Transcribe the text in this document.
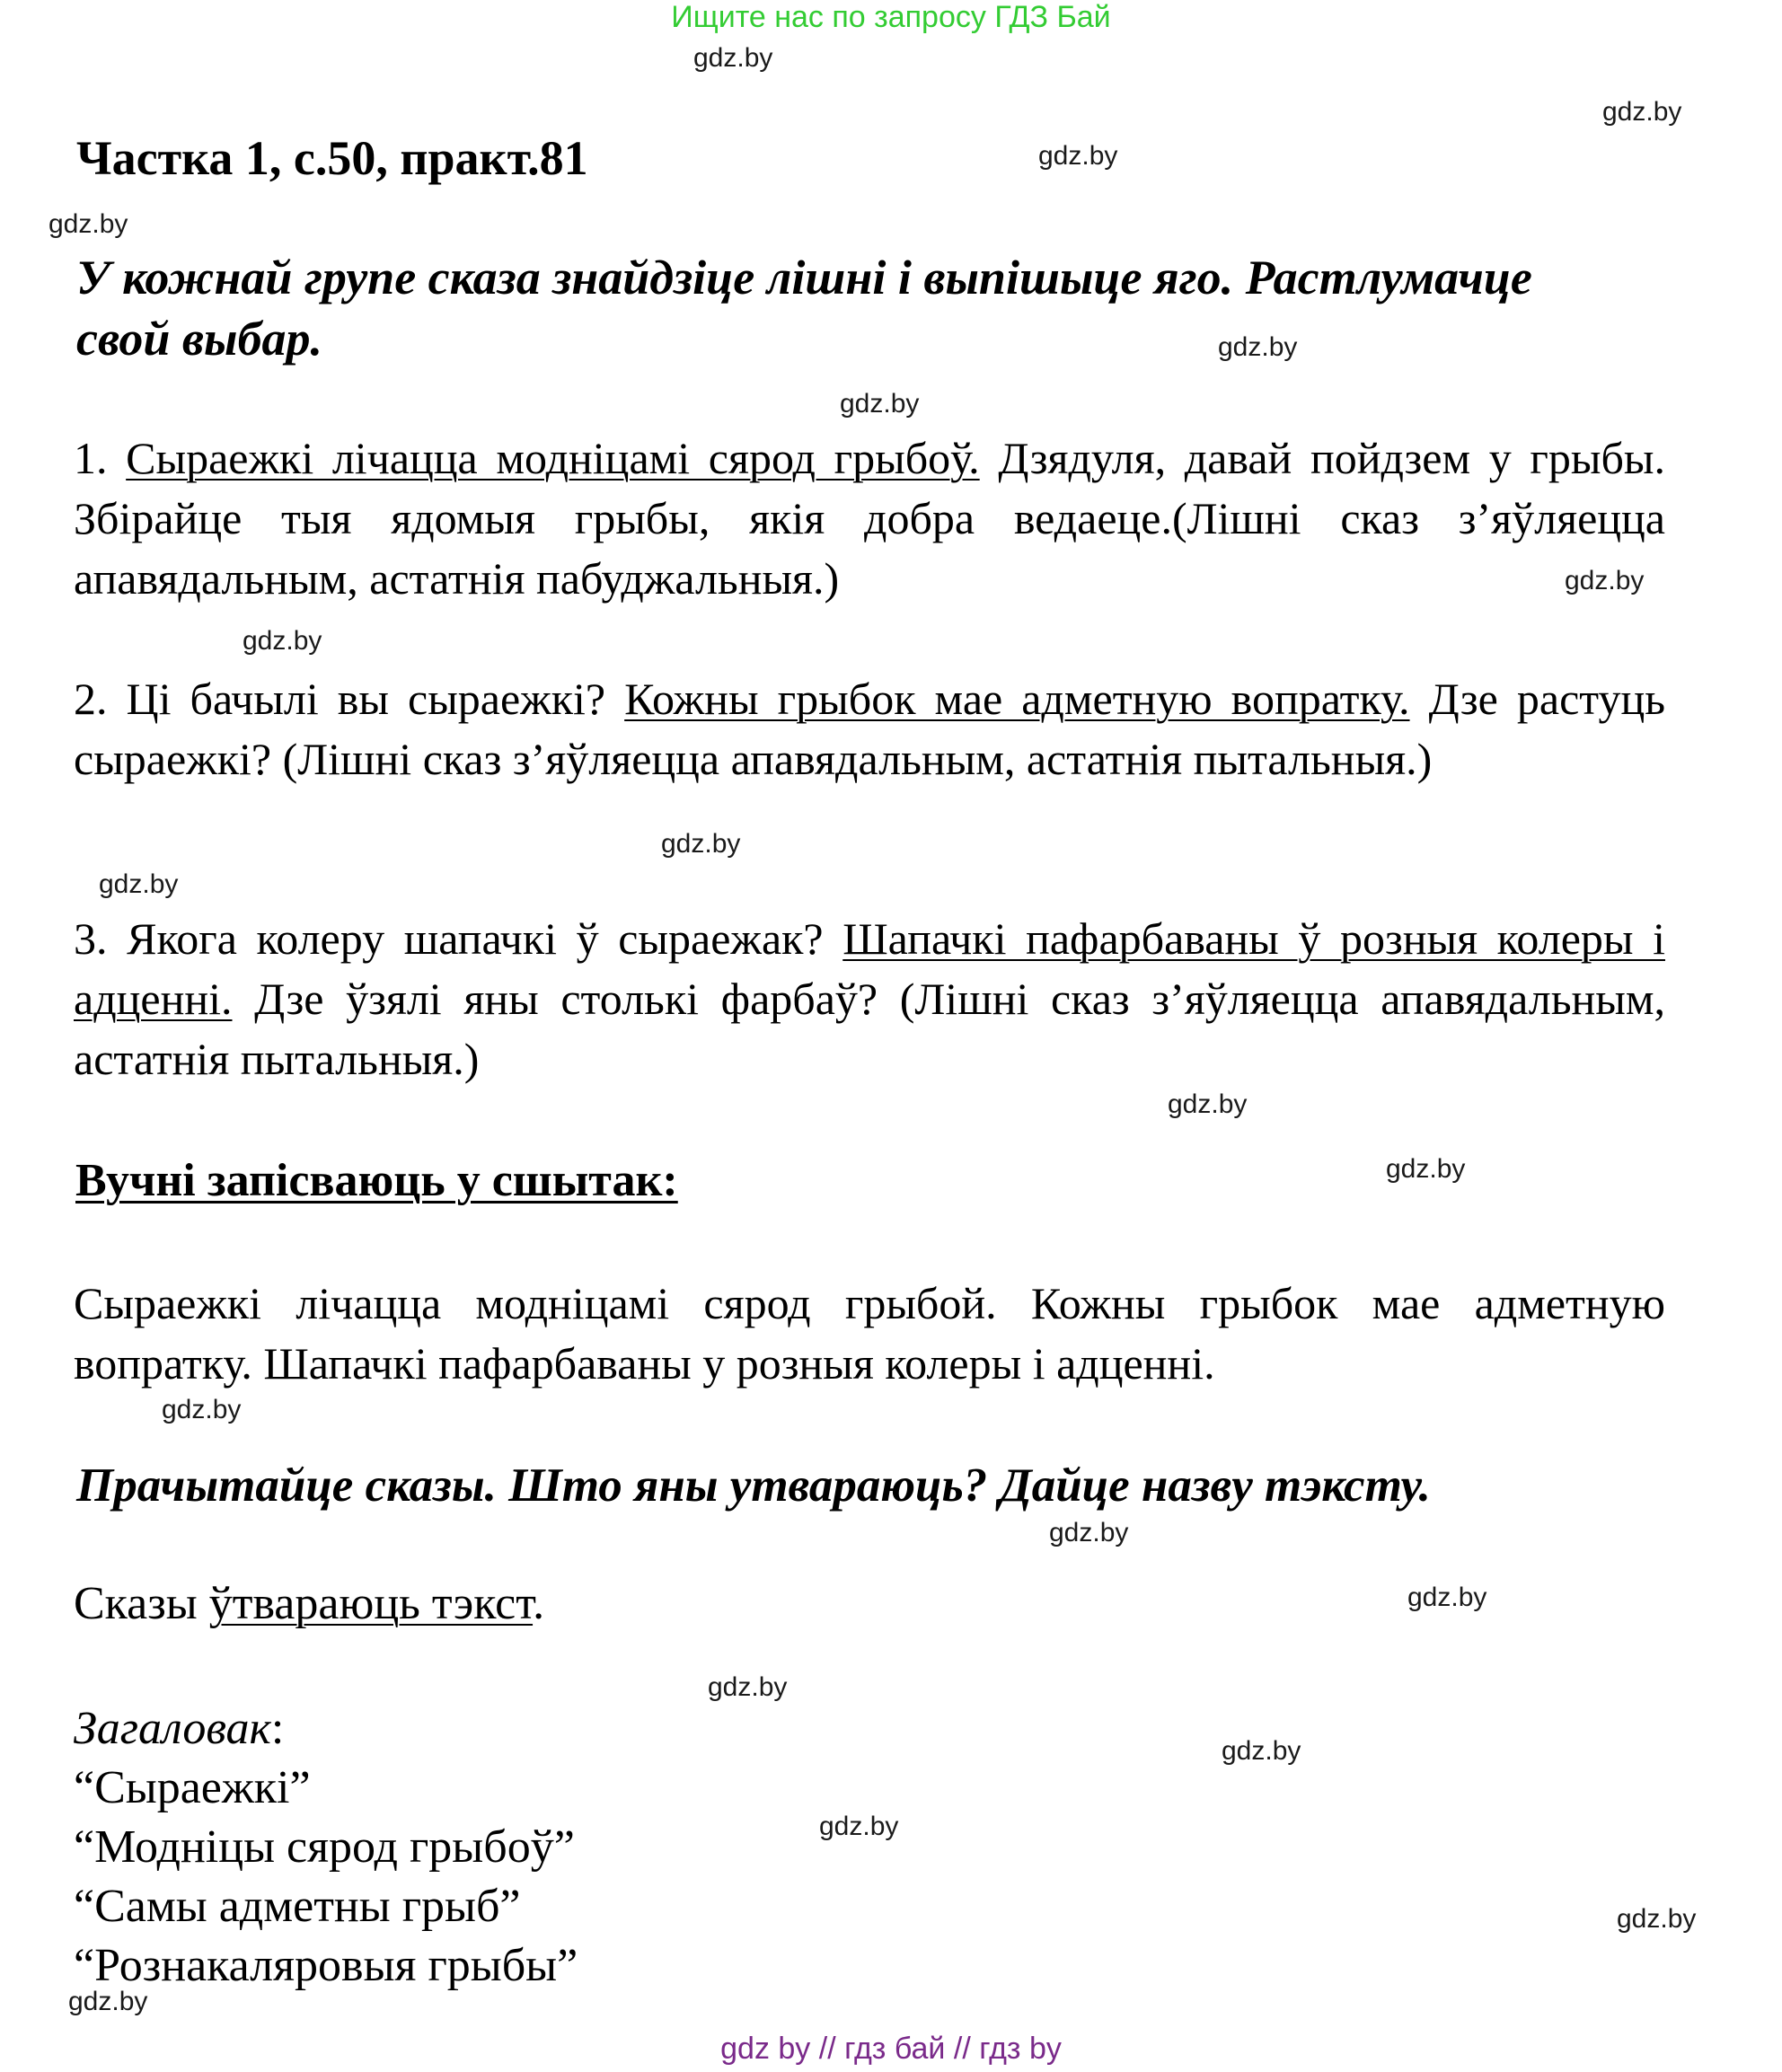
Ищите нас по запросу ГДЗ Бай
gdz.by
gdz.by
gdz.by
gdz.by
gdz.by
gdz.by
gdz.by
gdz.by
gdz.by
gdz.by
gdz.by
gdz.by
gdz.by
gdz.by
gdz.by
gdz.by
gdz.by
gdz.by
gdz.by
gdz.by
Частка 1, с.50, практ.81
У кожнай групе сказа знайдзіце лішні і выпішыце яго. Растлумачце
свой выбар.
1. Сыраежкі лічацца модніцамі сярод грыбоў. Дзядуля, давай пойдзем у грыбы. Збірайце тыя ядомыя грыбы, якія добра ведаеце.(Лішні сказ з’яўляецца апавядальным, астатнія пабуджальныя.)
2. Ці бачылі вы сыраежкі? Кожны грыбок мае адметную вопратку. Дзе растуць сыраежкі? (Лішні сказ з’яўляецца апавядальным, астатнія пытальныя.)
3. Якога колеру шапачкі ў сыраежак? Шапачкі пафарбаваны ў розныя колеры і адценні. Дзе ўзялі яны столькі фарбаў? (Лішні сказ з’яўляецца апавядальным, астатнія пытальныя.)
Вучні запісваюць у сшытак:
Сыраежкі лічацца модніцамі сярод грыбой. Кожны грыбок мае адметную вопратку. Шапачкі пафарбаваны у розныя колеры і адценні.
Прачытайце сказы. Што яны утвараюць? Дайце назву тэксту.
Сказы ўтвараюць тэкст.
Загаловак:
“Сыраежкі”
“Модніцы сярод грыбоў”
“Самы адметны грыб”
“Рознакаляровыя грыбы”
gdz by // гдз бай // гдз by
